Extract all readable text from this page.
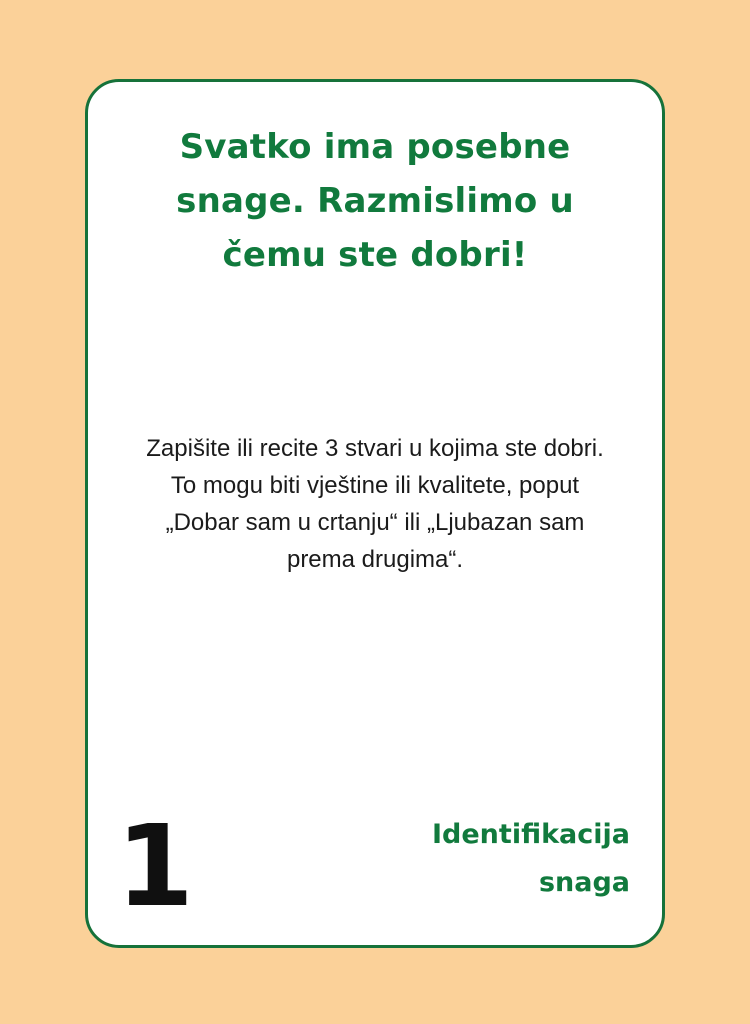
Svatko ima posebne snage. Razmislimo u čemu ste dobri!
Zapišite ili recite 3 stvari u kojima ste dobri. To mogu biti vještine ili kvalitete, poput „Dobar sam u crtanju“ ili „Ljubazan sam prema drugima“.
1	Identifikacija
snaga
